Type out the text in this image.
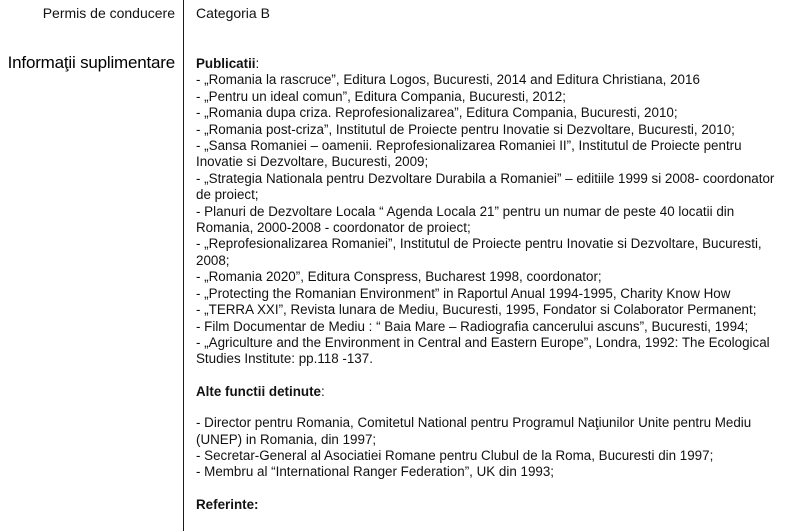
Permis de conducere Categoria B
Informaţii suplimentare Publicatii:

- „Romania la rascruce”, Editura Logos, Bucuresti, 2014 and Editura Christiana, 2016

- „Pentru un ideal comun”, Editura Compania, Bucuresti, 2012;

- „Romania dupa criza. Reprofesionalizarea”, Editura Compania, Bucuresti, 2010;

- „Romania post-criza”, Institutul de Proiecte pentru Inovatie si Dezvoltare, Bucuresti, 2010;

- „Sansa Romaniei – oamenii. Reprofesionalizarea Romaniei II”, Institutul de Proiecte pentru Inovatie si Dezvoltare, Bucuresti, 2009;

- „Strategia Nationala pentru Dezvoltare Durabila a Romaniei” – editiile 1999 si 2008- coordonator de proiect;

- Planuri de Dezvoltare Locala “ Agenda Locala 21” pentru un numar de peste 40 locatii din Romania, 2000-2008 - coordonator de proiect;

- „Reprofesionalizarea Romaniei”, Institutul de Proiecte pentru Inovatie si Dezvoltare, Bucuresti, 2008;

- „Romania 2020”, Editura Conspress, Bucharest 1998, coordonator;

- „Protecting the Romanian Environment” in Raportul Anual 1994-1995, Charity Know How

- „TERRA XXI”, Revista lunara de Mediu, Bucuresti, 1995, Fondator si Colaborator Permanent;

- Film Documentar de Mediu : “ Baia Mare – Radiografia cancerului ascuns”, Bucuresti, 1994;

- „Agriculture and the Environment in Central and Eastern Europe”, Londra, 1992: The Ecological Studies Institute: pp.118 -137.

Alte functii detinute:

- Director pentru Romania, Comitetul National pentru Programul Naţiunilor Unite pentru Mediu (UNEP) in Romania, din 1997;

- Secretar-General al Asociatiei Romane pentru Clubul de la Roma, Bucuresti din 1997;

- Membru al “International Ranger Federation”, UK din 1993;

Referinte:
